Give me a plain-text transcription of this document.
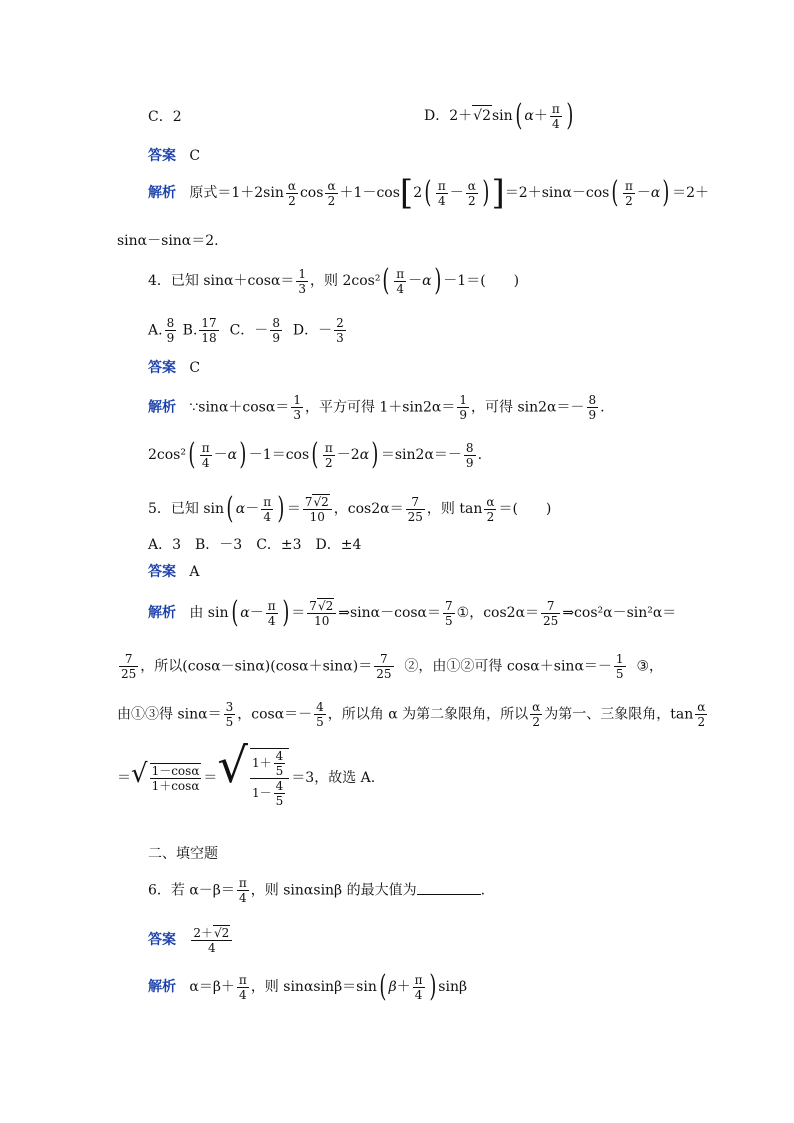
C．2	D．2＋√2sin( $\alpha+ \frac{\pi}{4}$ )
答案 C
解析 原式$=1+2\sin \frac{\alpha}{2}$ $\cos \frac{\alpha}{2} +1-\cos[2( \frac{\pi}{4} - \frac{\alpha}{2} )]=2+\sin\alpha-\cos( \frac{\pi}{2} -\alpha) =2+$
sinα－sinα＝2.
4．已知 $\sin\alpha+\cos\alpha= \frac{1}{3}$ ，则 $2\cos^2( \frac{\pi}{4} -\alpha) -1=$(　　)
A. $\frac{8}{9} B$. $\frac{17}{18}$ C．－ $\frac{8}{9}$ D．－ $\frac{2}{3}$
答案 C
解析 ∵sinα＋cosα＝ $\frac{1}{3}$ ，平方可得 $1+\sin 2\alpha= \frac{1}{9}$ ，可得 $\sin 2\alpha=- \frac{8}{9}$ .
$2\cos^2( \frac{\pi}{4} -\alpha) -1=\cos( \frac{\pi}{2} -2\alpha) =\sin 2\alpha=- \frac{8}{9}$ .
5．已知 sin( $\alpha- \frac{\pi}{4}$ ) ＝ $\frac{7√2}{10}$ ，$\cos 2\alpha= \frac{7}{25}$ ，则 $\tan \frac{\alpha}{2}$ ＝(　　)
A．3　B．－3　C．±3　D．±4
答案 A
解析 由 sin( $\alpha- \frac{\pi}{4}$ ) ＝ $\frac{7√2}{10}$ ⇒sinα－cosα＝ $\frac{7}{5}$ ①，$\cos 2\alpha= \frac{7}{25}$ ⇒cos²α－sin²α＝
$\frac{7}{25}$ ，所以$(\cos\alpha-\sin\alpha)(\cos\alpha+\sin\alpha)= \frac{7}{25}$ ②，由①②可得 $\cos\alpha+\sin\alpha=- \frac{1}{5}$ ③，
由①③得 $\sin\alpha= \frac{3}{5}$ ，$\cos\alpha=- \frac{4}{5}$ ，所以角 α 为第二象限角，所以 $\frac{\alpha}{2}$ 为第一、三象限角，$\tan \frac{\alpha}{2}$
＝√ $\frac{1-\cos\alpha}{1+\cos\alpha}$ ＝√ $\frac{1+ \frac{4}{5}}{1- \frac{4}{5}} =3$，故选 A.
二、填空题
6．若 $\alpha-\beta= \frac{\pi}{4}$ ，则 sinαsinβ 的最大值为	.
答案 $\frac{2+√2}{4}$
解析 $\alpha=\beta+ \frac{\pi}{4}$ ，则 sinαsinβ＝sin( $\beta+ \frac{\pi}{4}$ ) sinβ
